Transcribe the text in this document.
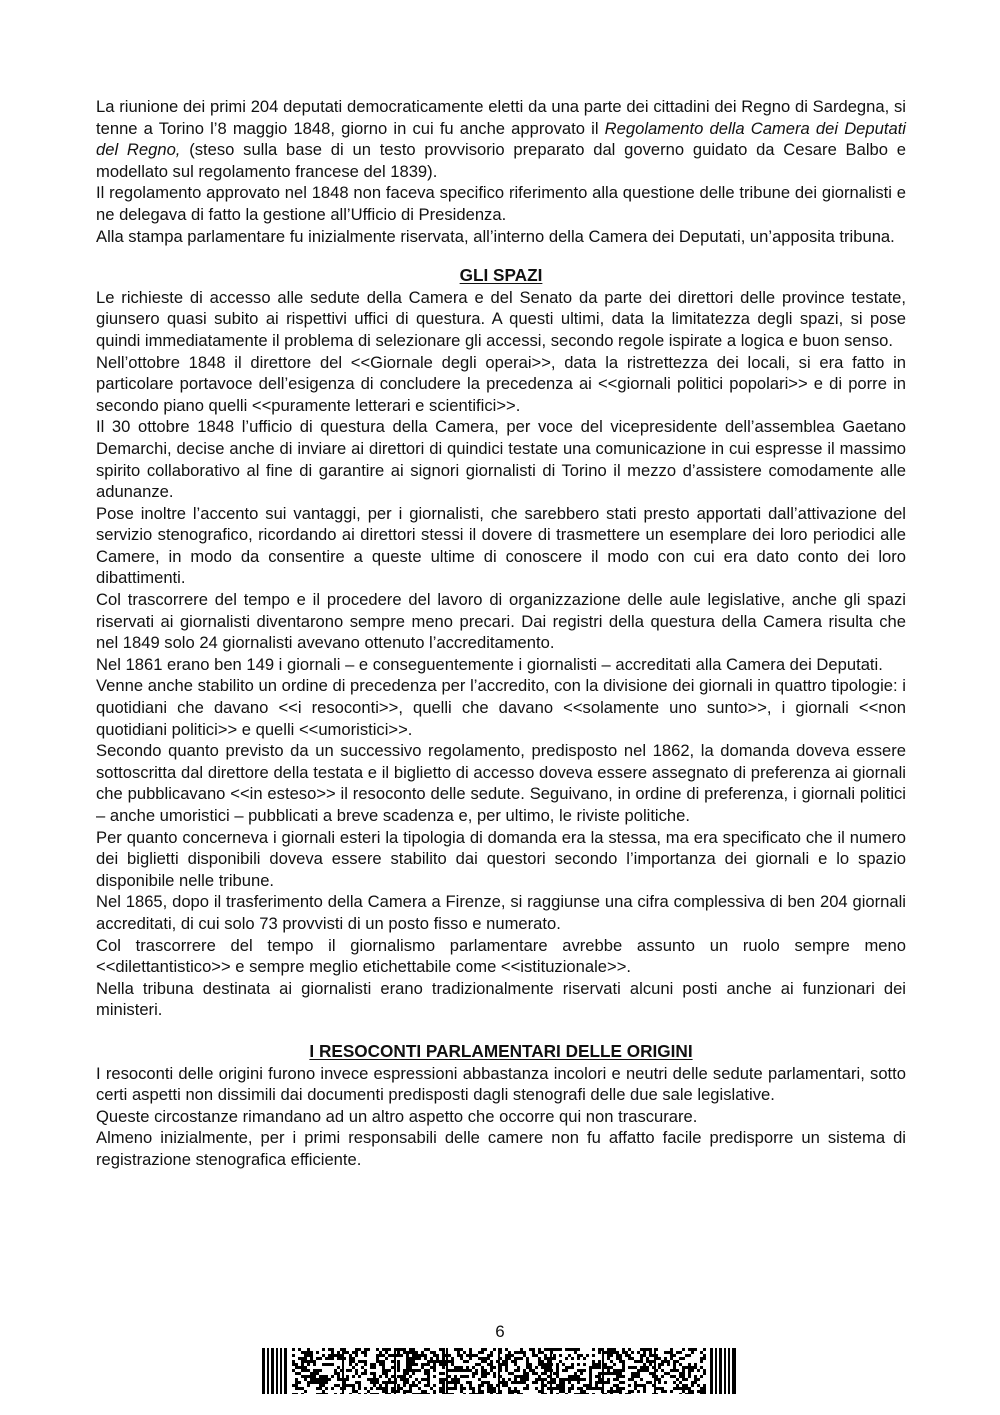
La riunione dei primi 204 deputati democraticamente eletti da una parte dei cittadini dei Regno di Sardegna, si tenne a Torino l’8 maggio 1848, giorno in cui fu anche approvato il Regolamento della Camera dei Deputati del Regno, (steso sulla base di un testo provvisorio preparato dal governo guidato da Cesare Balbo e modellato sul regolamento francese del 1839).

Il regolamento approvato nel 1848 non faceva specifico riferimento alla questione delle tribune dei giornalisti e ne delegava di fatto la gestione all’Ufficio di Presidenza.

Alla stampa parlamentare fu inizialmente riservata, all’interno della Camera dei Deputati, un’apposita tribuna.

GLI SPAZI

Le richieste di accesso alle sedute della Camera e del Senato da parte dei direttori delle province testate, giunsero quasi subito ai rispettivi uffici di questura. A questi ultimi, data la limitatezza degli spazi, si pose quindi immediatamente il problema di selezionare gli accessi, secondo regole ispirate a logica e buon senso.

Nell’ottobre 1848 il direttore del <<Giornale degli operai>>, data la ristrettezza dei locali, si era fatto in particolare portavoce dell’esigenza di concludere la precedenza ai <<giornali politici popolari>> e di porre in secondo piano quelli <<puramente letterari e scientifici>>.

Il 30 ottobre 1848 l’ufficio di questura della Camera, per voce del vicepresidente dell’assemblea Gaetano Demarchi, decise anche di inviare ai direttori di quindici testate una comunicazione in cui espresse il massimo spirito collaborativo al fine di garantire ai signori giornalisti di Torino il mezzo d’assistere comodamente alle adunanze.

Pose inoltre l’accento sui vantaggi, per i giornalisti, che sarebbero stati presto apportati dall’attivazione del servizio stenografico, ricordando ai direttori stessi il dovere di trasmettere un esemplare dei loro periodici alle Camere, in modo da consentire a queste ultime di conoscere il modo con cui era dato conto dei loro dibattimenti.

Col trascorrere del tempo e il procedere del lavoro di organizzazione delle aule legislative, anche gli spazi riservati ai giornalisti diventarono sempre meno precari. Dai registri della questura della Camera risulta che nel 1849 solo 24 giornalisti avevano ottenuto l’accreditamento.

Nel 1861 erano ben 149 i giornali – e conseguentemente i giornalisti – accreditati alla Camera dei Deputati.

Venne anche stabilito un ordine di precedenza per l’accredito, con la divisione dei giornali in quattro tipologie: i quotidiani che davano <<i resoconti>>, quelli che davano <<solamente uno sunto>>, i giornali <<non quotidiani politici>> e quelli <<umoristici>>.

Secondo quanto previsto da un successivo regolamento, predisposto nel 1862, la domanda doveva essere sottoscritta dal direttore della testata e il biglietto di accesso doveva essere assegnato di preferenza ai giornali che pubblicavano <<in esteso>> il resoconto delle sedute. Seguivano, in ordine di preferenza, i giornali politici – anche umoristici – pubblicati a breve scadenza e, per ultimo, le riviste politiche.

Per quanto concerneva i giornali esteri la tipologia di domanda era la stessa, ma era specificato che il numero dei biglietti disponibili doveva essere stabilito dai questori secondo l’importanza dei giornali e lo spazio disponibile nelle tribune.

Nel 1865, dopo il trasferimento della Camera a Firenze, si raggiunse una cifra complessiva di ben 204 giornali accreditati, di cui solo 73 provvisti di un posto fisso e numerato.

Col trascorrere del tempo il giornalismo parlamentare avrebbe assunto un ruolo sempre meno <<dilettantistico>> e sempre meglio etichettabile come <<istituzionale>>.

Nella tribuna destinata ai giornalisti erano tradizionalmente riservati alcuni posti anche ai funzionari dei ministeri.

I RESOCONTI PARLAMENTARI DELLE ORIGINI

I resoconti delle origini furono invece espressioni abbastanza incolori e neutri delle sedute parlamentari, sotto certi aspetti non dissimili dai documenti predisposti dagli stenografi delle due sale legislative.

Queste circostanze rimandano ad un altro aspetto che occorre qui non trascurare.

Almeno inizialmente, per i primi responsabili delle camere non fu affatto facile predisporre un sistema di registrazione stenografica efficiente.

6
